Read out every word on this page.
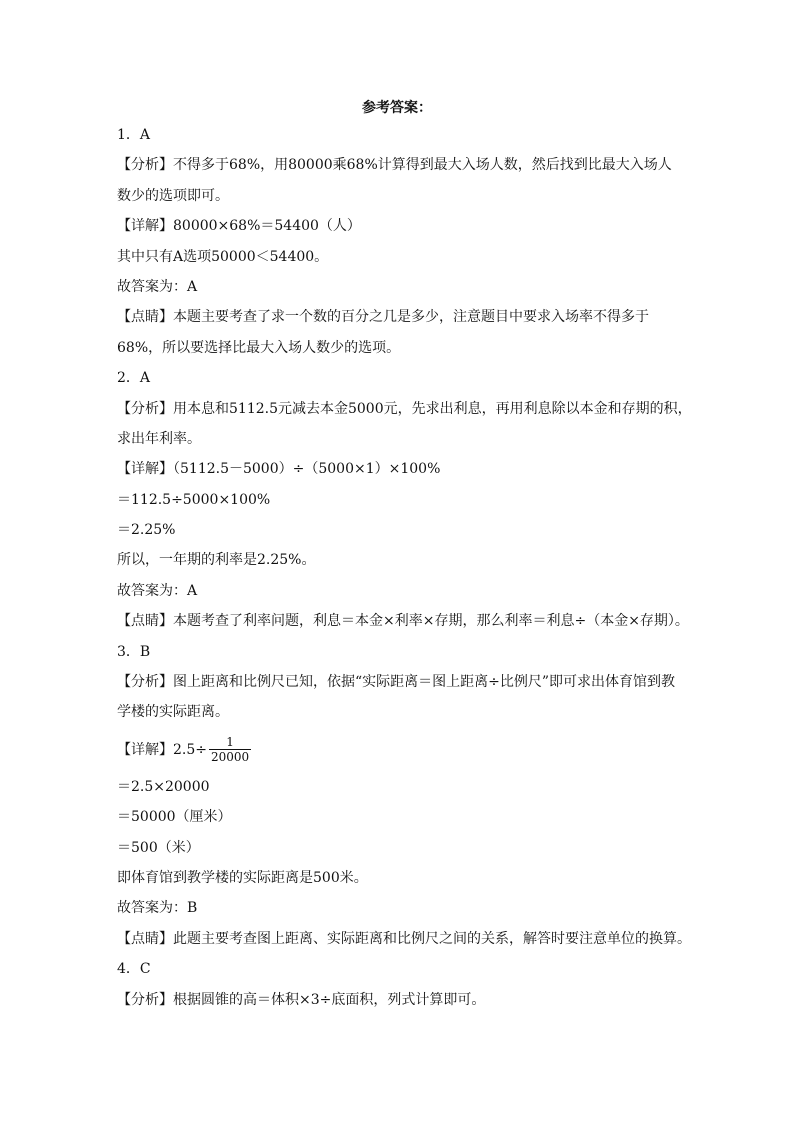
参考答案：
1．A
【分析】不得多于68%，用80000乘68%计算得到最大入场人数，然后找到比最大入场人
数少的选项即可。
【详解】80000×68%＝54400（人）
其中只有A选项50000＜54400。
故答案为：A
【点睛】本题主要考查了求一个数的百分之几是多少，注意题目中要求入场率不得多于
68%，所以要选择比最大入场人数少的选项。
2．A
【分析】用本息和5112.5元减去本金5000元，先求出利息，再用利息除以本金和存期的积，
求出年利率。
【详解】（5112.5－5000）÷（5000×1）×100%
＝112.5÷5000×100%
＝2.25%
所以，一年期的利率是2.25%。
故答案为：A
【点睛】本题考查了利率问题，利息＝本金×利率×存期，那么利率＝利息÷（本金×存期）。
3．B
【分析】图上距离和比例尺已知，依据“实际距离＝图上距离÷比例尺”即可求出体育馆到教
学楼的实际距离。
【详解】$2.5\div \frac{1}{20000}$
＝2.5×20000
＝50000（厘米）
＝500（米）
即体育馆到教学楼的实际距离是500米。
故答案为：B
【点睛】此题主要考查图上距离、实际距离和比例尺之间的关系，解答时要注意单位的换算。
4．C
【分析】根据圆锥的高＝体积×3÷底面积，列式计算即可。
